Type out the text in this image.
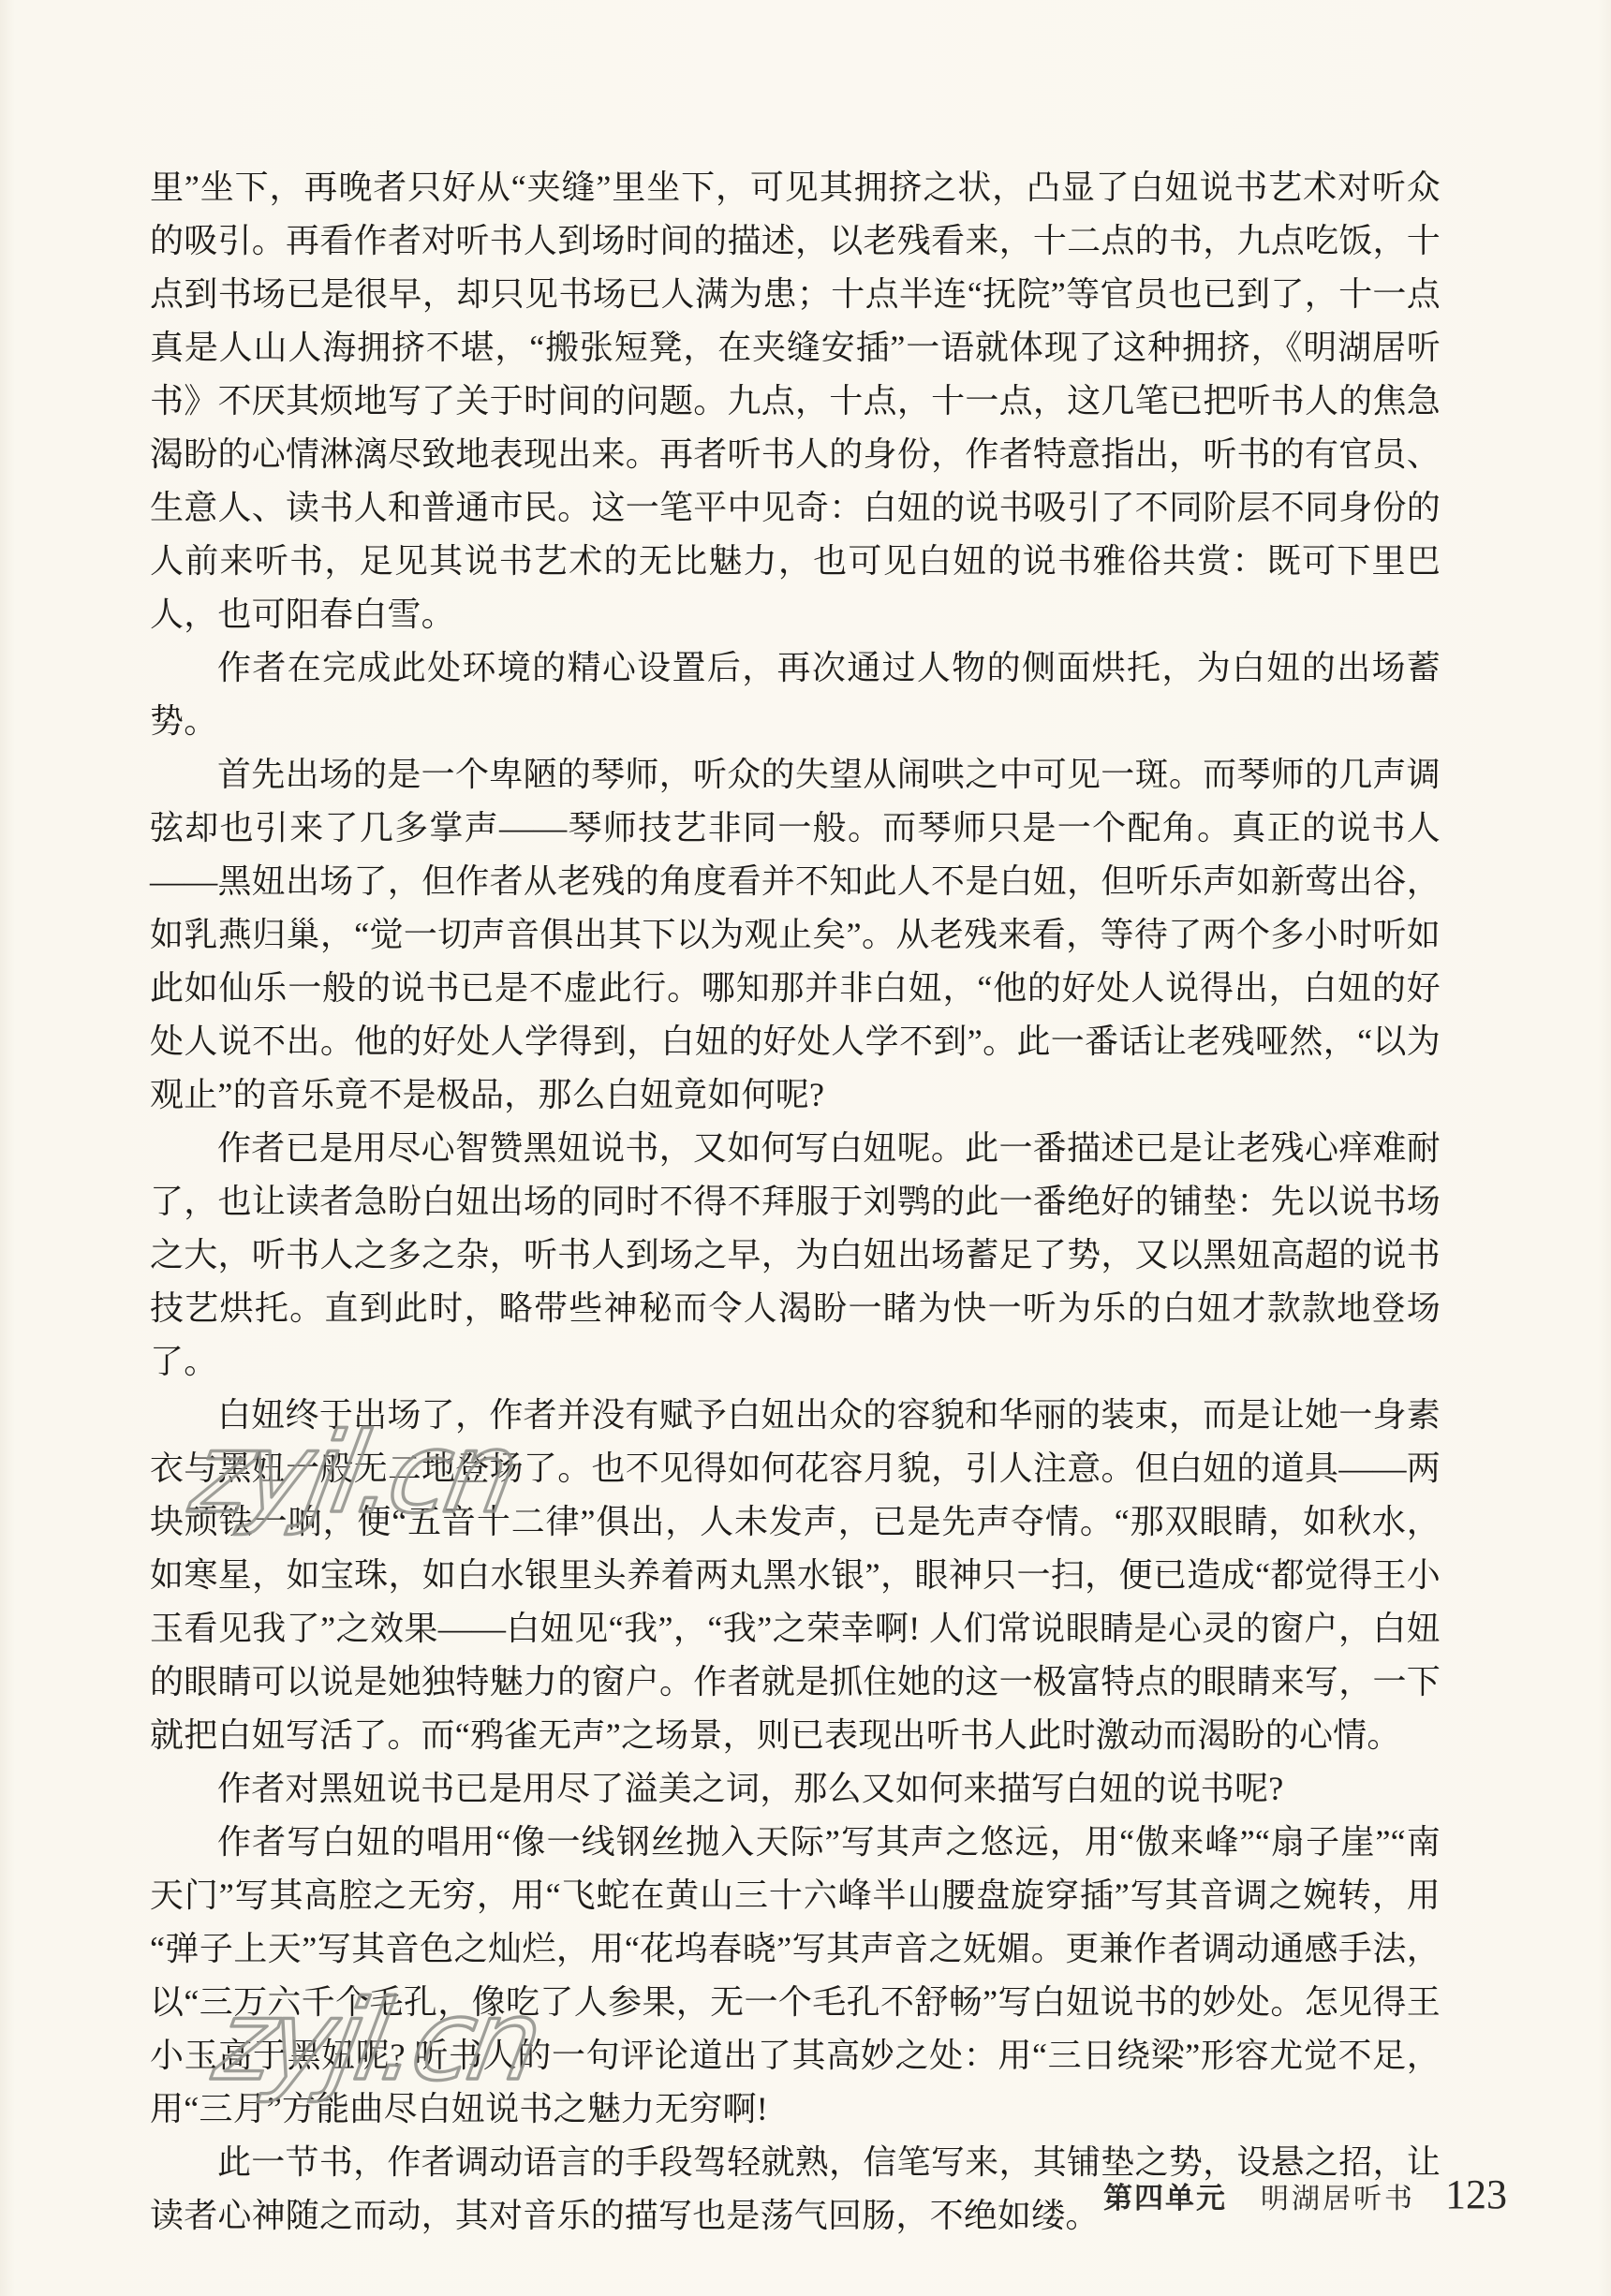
里”坐下，再晚者只好从“夹缝”里坐下，可见其拥挤之状，凸显了白妞说书艺术对听众的吸引。再看作者对听书人到场时间的描述，以老残看来，十二点的书，九点吃饭，十点到书场已是很早，却只见书场已人满为患；十点半连“抚院”等官员也已到了，十一点真是人山人海拥挤不堪，“搬张短凳，在夹缝安插”一语就体现了这种拥挤，《明湖居听书》不厌其烦地写了关于时间的问题。九点，十点，十一点，这几笔已把听书人的焦急渴盼的心情淋漓尽致地表现出来。再者听书人的身份，作者特意指出，听书的有官员、生意人、读书人和普通市民。这一笔平中见奇：白妞的说书吸引了不同阶层不同身份的人前来听书，足见其说书艺术的无比魅力，也可见白妞的说书雅俗共赏：既可下里巴人，也可阳春白雪。

作者在完成此处环境的精心设置后，再次通过人物的侧面烘托，为白妞的出场蓄势。

首先出场的是一个卑陋的琴师，听众的失望从闹哄之中可见一斑。而琴师的几声调弦却也引来了几多掌声——琴师技艺非同一般。而琴师只是一个配角。真正的说书人——黑妞出场了，但作者从老残的角度看并不知此人不是白妞，但听乐声如新莺出谷，如乳燕归巢，“觉一切声音俱出其下以为观止矣”。从老残来看，等待了两个多小时听如此如仙乐一般的说书已是不虚此行。哪知那并非白妞，“他的好处人说得出，白妞的好处人说不出。他的好处人学得到，白妞的好处人学不到”。此一番话让老残哑然，“以为观止”的音乐竟不是极品，那么白妞竟如何呢?

作者已是用尽心智赞黑妞说书，又如何写白妞呢。此一番描述已是让老残心痒难耐了，也让读者急盼白妞出场的同时不得不拜服于刘鹗的此一番绝好的铺垫：先以说书场之大，听书人之多之杂，听书人到场之早，为白妞出场蓄足了势，又以黑妞高超的说书技艺烘托。直到此时，略带些神秘而令人渴盼一睹为快一听为乐的白妞才款款地登场了。

白妞终于出场了，作者并没有赋予白妞出众的容貌和华丽的装束，而是让她一身素衣与黑妞一般无二地登场了。也不见得如何花容月貌，引人注意。但白妞的道具——两块顽铁一响，便“五音十二律”俱出，人未发声，已是先声夺情。“那双眼睛，如秋水，如寒星，如宝珠，如白水银里头养着两丸黑水银”，眼神只一扫，便已造成“都觉得王小玉看见我了”之效果——白妞见“我”，“我”之荣幸啊! 人们常说眼睛是心灵的窗户，白妞的眼睛可以说是她独特魅力的窗户。作者就是抓住她的这一极富特点的眼睛来写，一下就把白妞写活了。而“鸦雀无声”之场景，则已表现出听书人此时激动而渴盼的心情。

作者对黑妞说书已是用尽了溢美之词，那么又如何来描写白妞的说书呢?

作者写白妞的唱用“像一线钢丝抛入天际”写其声之悠远，用“傲来峰”“扇子崖”“南天门”写其高腔之无穷，用“飞蛇在黄山三十六峰半山腰盘旋穿插”写其音调之婉转，用“弹子上天”写其音色之灿烂，用“花坞春晓”写其声音之妩媚。更兼作者调动通感手法，以“三万六千个毛孔，像吃了人参果，无一个毛孔不舒畅”写白妞说书的妙处。怎见得王小玉高于黑妞呢? 听书人的一句评论道出了其高妙之处：用“三日绕梁”形容尤觉不足，用“三月”方能曲尽白妞说书之魅力无穷啊!

此一节书，作者调动语言的手段驾轻就熟，信笔写来，其铺垫之势，设悬之招，让读者心神随之而动，其对音乐的描写也是荡气回肠，不绝如缕。

zyjl.cn
zyjl.cn
第四单元 明湖居听书 123
